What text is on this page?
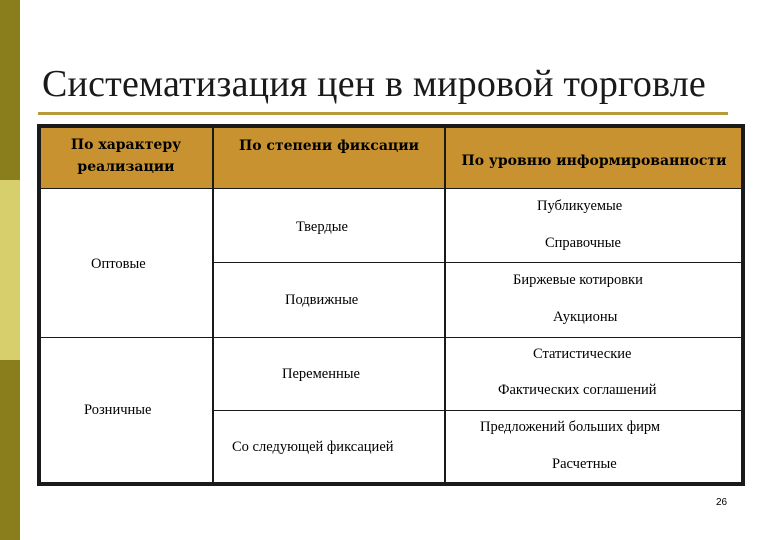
Систематизация цен в мировой торговле
По характеру реализации
По степени фиксации
По уровню информированности
Оптовые
Розничные
Твердые
Подвижные
Переменные
Со следующей фиксацией
Публикуемые
Справочные
Биржевые котировки
Аукционы
Статистические
Фактических соглашений
Предложений больших фирм
Расчетные
26
